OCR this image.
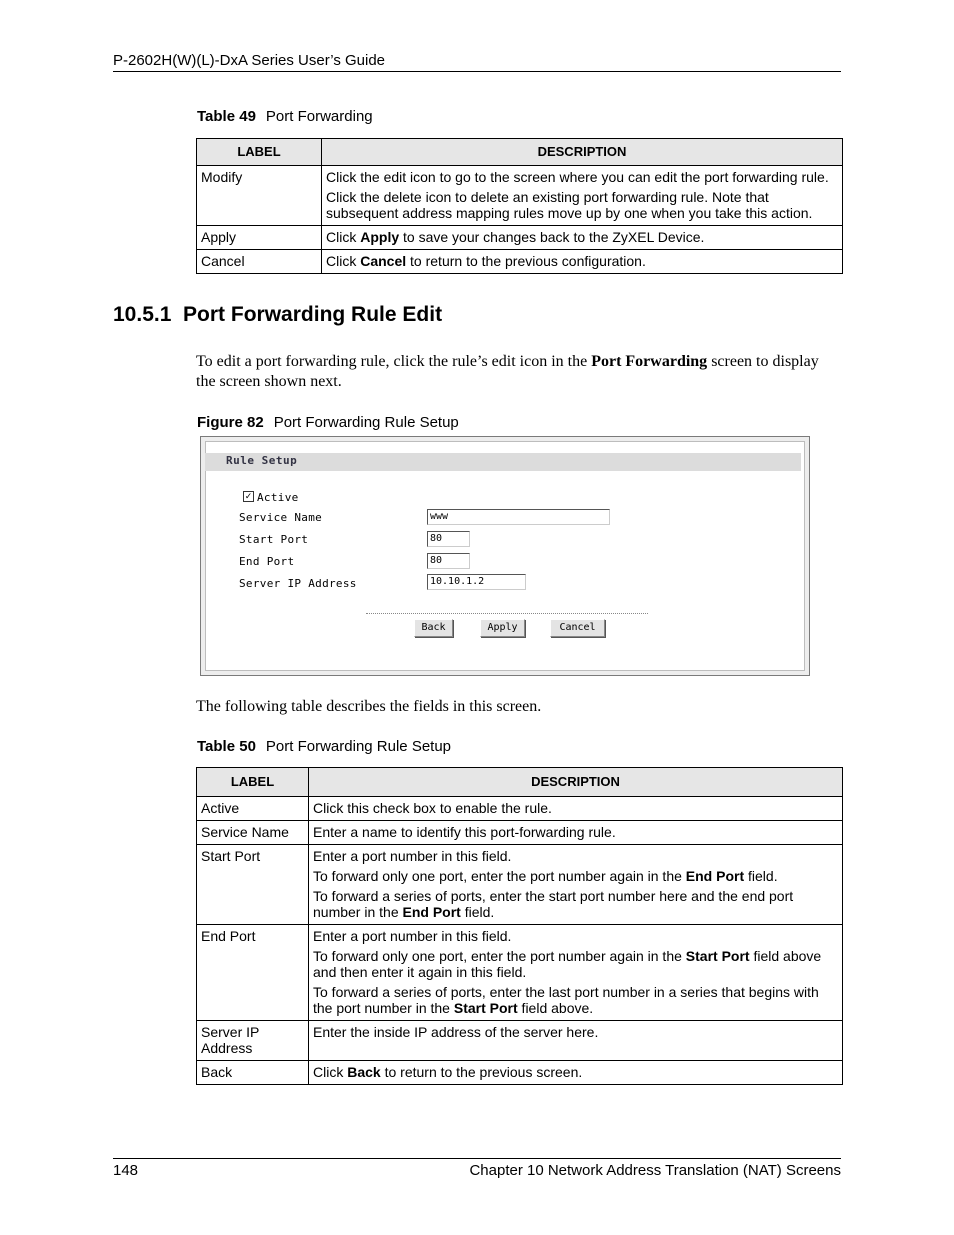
P-2602H(W)(L)-DxA Series User’s Guide
Table 49 Port Forwarding
LABEL	DESCRIPTION
Modify	Click the edit icon to go to the screen where you can edit the port forwarding rule.

Click the delete icon to delete an existing port forwarding rule. Note that subsequent address mapping rules move up by one when you take this action.

Apply	Click Apply to save your changes back to the ZyXEL Device.
Cancel	Click Cancel to return to the previous configuration.
10.5.1  Port Forwarding Rule Edit
To edit a port forwarding rule, click the rule’s edit icon in the Port Forwarding screen to display the screen shown next.
Figure 82 Port Forwarding Rule Setup
Rule Setup
✓ Active
Service Name	www
Start Port	80
End Port	80
Server IP Address	10.10.1.2
Back	Apply	Cancel
The following table describes the fields in this screen.
Table 50 Port Forwarding Rule Setup
LABEL	DESCRIPTION
Active	Click this check box to enable the rule.
Service Name	Enter a name to identify this port-forwarding rule.
Start Port	Enter a port number in this field.

To forward only one port, enter the port number again in the End Port field.

To forward a series of ports, enter the start port number here and the end port number in the End Port field.

End Port	Enter a port number in this field.

To forward only one port, enter the port number again in the Start Port field above and then enter it again in this field.

To forward a series of ports, enter the last port number in a series that begins with the port number in the Start Port field above.

Server IP Address	Enter the inside IP address of the server here.
Back	Click Back to return to the previous screen.
148	Chapter 10 Network Address Translation (NAT) Screens
